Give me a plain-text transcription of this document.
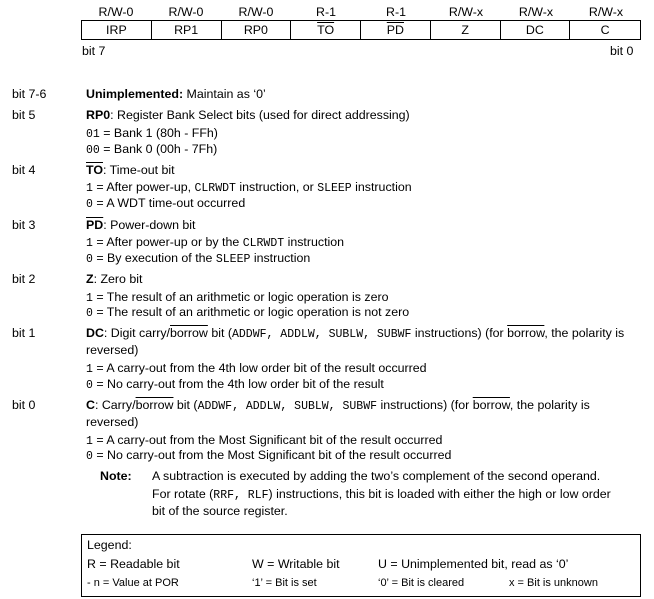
R/W-0	R/W-0	R/W-0	R-1	R-1	R/W-x	R/W-x	R/W-x
IRP	RP1	RP0	$\overline{TO}$	$\overline{PD}$	Z	DC	C
bit 7	bit 0
bit 7-6	Unimplemented: Maintain as ‘0’
bit 5	RP0: Register Bank Select bits (used for direct addressing)
01 = Bank 1 (80h - FFh)
00 = Bank 0 (00h - 7Fh)
bit 4	$\overline{TO}$: Time-out bit
1 = After power-up, CLRWDT instruction, or SLEEP instruction
0 = A WDT time-out occurred
bit 3	$\overline{PD}$: Power-down bit
1 = After power-up or by the CLRWDT instruction
0 = By execution of the SLEEP instruction
bit 2	Z: Zero bit
1 = The result of an arithmetic or logic operation is zero
0 = The result of an arithmetic or logic operation is not zero
bit 1	DC: Digit carry/borrow bit (ADDWF, ADDLW, SUBLW, SUBWF instructions) (for borrow, the polarity is
reversed)
1 = A carry-out from the 4th low order bit of the result occurred
0 = No carry-out from the 4th low order bit of the result
bit 0	C: Carry/borrow bit (ADDWF, ADDLW, SUBLW, SUBWF instructions) (for borrow, the polarity is
reversed)
1 = A carry-out from the Most Significant bit of the result occurred
0 = No carry-out from the Most Significant bit of the result occurred
Note: A subtraction is executed by adding the two’s complement of the second operand.
For rotate (RRF, RLF) instructions, this bit is loaded with either the high or low order
bit of the source register.
Legend:
R = Readable bit	W = Writable bit	U = Unimplemented bit, read as ‘0’
- n = Value at POR	‘1’ = Bit is set	‘0’ = Bit is cleared	x = Bit is unknown
